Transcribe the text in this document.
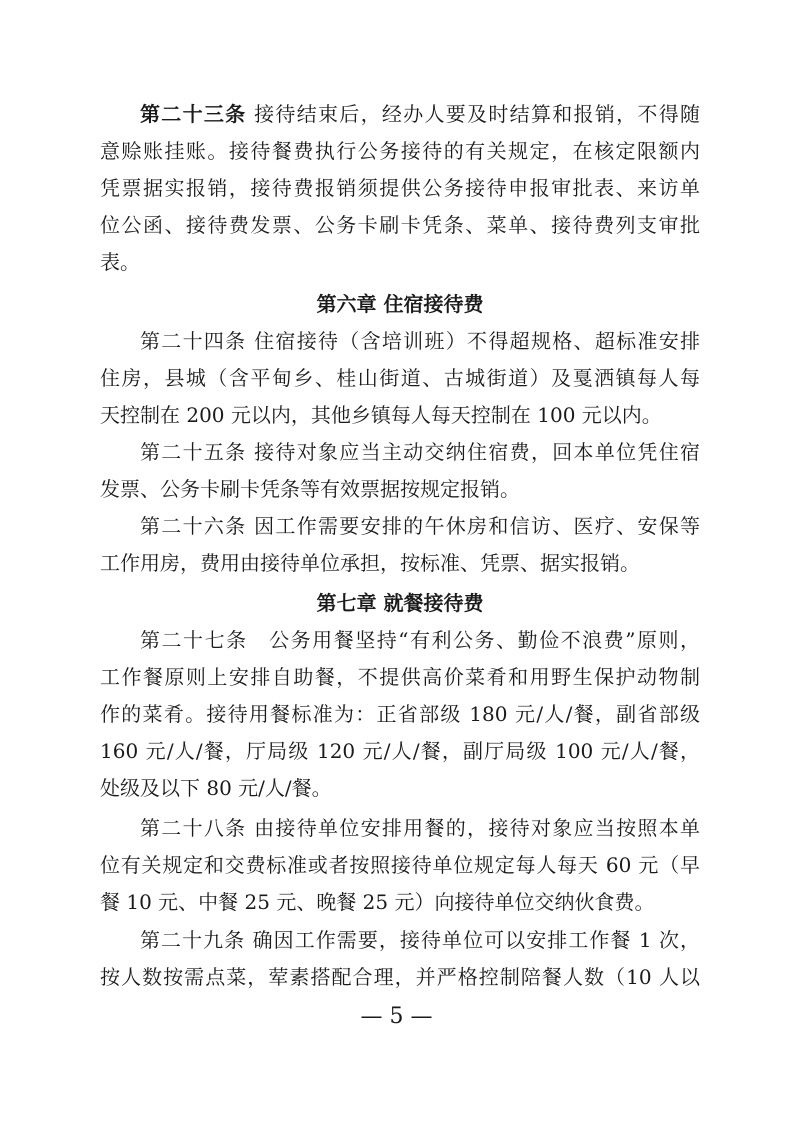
第二十三条 接待结束后，经办人要及时结算和报销，不得随
意赊账挂账。接待餐费执行公务接待的有关规定，在核定限额内
凭票据实报销，接待费报销须提供公务接待申报审批表、来访单
位公函、接待费发票、公务卡刷卡凭条、菜单、接待费列支审批
表。
第六章 住宿接待费
第二十四条 住宿接待（含培训班）不得超规格、超标准安排
住房，县城（含平甸乡、桂山街道、古城街道）及戛洒镇每人每
天控制在 200 元以内，其他乡镇每人每天控制在 100 元以内。
第二十五条 接待对象应当主动交纳住宿费，回本单位凭住宿
发票、公务卡刷卡凭条等有效票据按规定报销。
第二十六条 因工作需要安排的午休房和信访、医疗、安保等
工作用房，费用由接待单位承担，按标准、凭票、据实报销。
第七章 就餐接待费
第二十七条　公务用餐坚持“有利公务、勤俭不浪费”原则，
工作餐原则上安排自助餐，不提供高价菜肴和用野生保护动物制
作的菜肴。接待用餐标准为：正省部级 180 元/人/餐，副省部级
160 元/人/餐，厅局级 120 元/人/餐，副厅局级 100 元/人/餐，
处级及以下 80 元/人/餐。
第二十八条 由接待单位安排用餐的，接待对象应当按照本单
位有关规定和交费标准或者按照接待单位规定每人每天 60 元（早
餐 10 元、中餐 25 元、晚餐 25 元）向接待单位交纳伙食费。
第二十九条 确因工作需要，接待单位可以安排工作餐 1 次，
按人数按需点菜，荤素搭配合理，并严格控制陪餐人数（10 人以
— 5 —
